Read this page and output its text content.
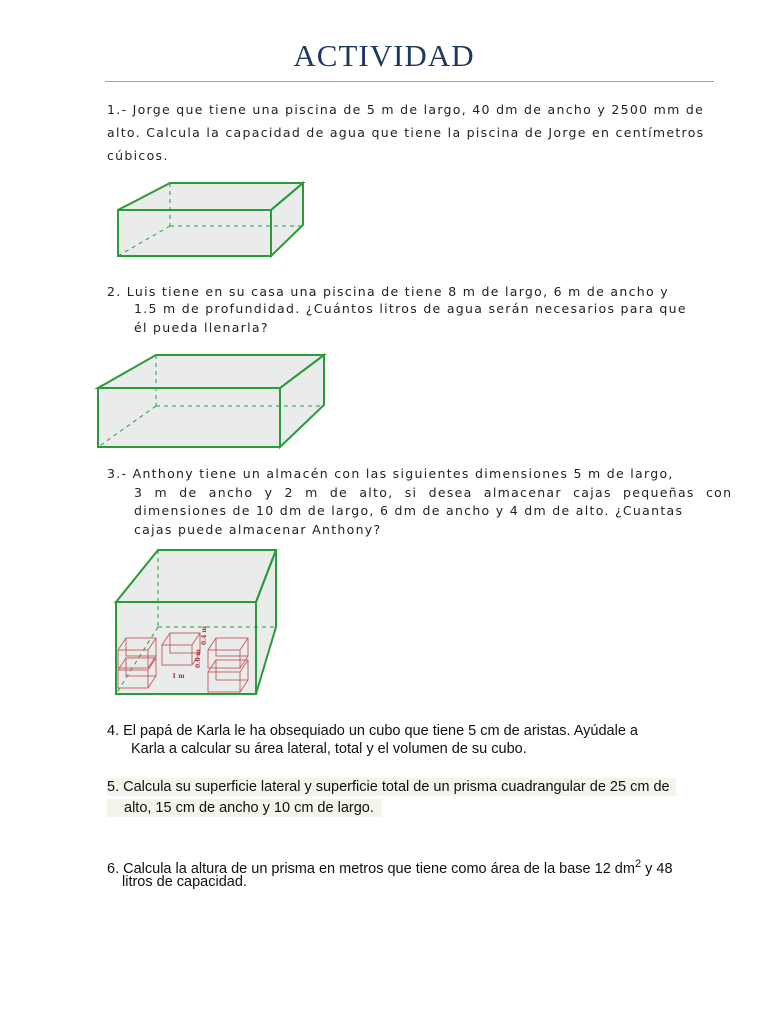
ACTIVIDAD
1.- Jorge que tiene una piscina de 5 m de largo, 40 dm de ancho y 2500 mm de
alto. Calcula la capacidad de agua que tiene la piscina de Jorge en centímetros
cúbicos.
1 m
0.6 m
0.4 m
2. Luis tiene en su casa una piscina de tiene 8 m de largo, 6 m de ancho y
1.5 m de profundidad. ¿Cuántos litros de agua serán necesarios para que
él pueda llenarla?
3.- Anthony tiene un almacén con las siguientes dimensiones 5 m de largo,
3 m de ancho y 2 m de alto, si desea almacenar cajas pequeñas con
dimensiones de 10 dm de largo, 6 dm de ancho y 4 dm de alto. ¿Cuantas
cajas puede almacenar Anthony?
4. El papá de Karla le ha obsequiado un cubo que tiene 5 cm de aristas. Ayúdale a
Karla a calcular su área lateral, total y el volumen de su cubo.
5. Calcula su superficie lateral y superficie total de un prisma cuadrangular de 25 cm de
alto, 15 cm de ancho y 10 cm de largo.
6. Calcula la altura de un prisma en metros que tiene como área de la base 12 $dm^2$ y 48
litros de capacidad.
